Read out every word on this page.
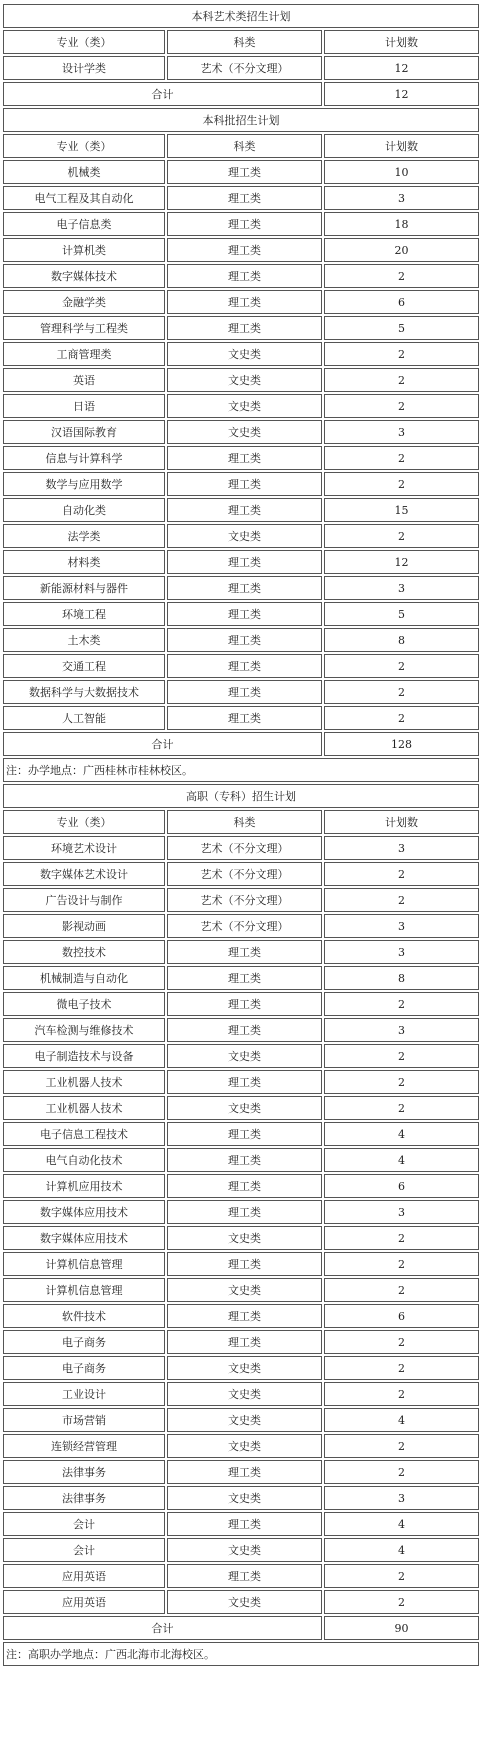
本科艺术类招生计划		
专业（类）	科类	计划数
设计学类	艺术（不分文理）	12
合计		12
本科批招生计划		
专业（类）	科类	计划数
机械类	理工类	10
电气工程及其自动化	理工类	3
电子信息类	理工类	18
计算机类	理工类	20
数字媒体技术	理工类	2
金融学类	理工类	6
管理科学与工程类	理工类	5
工商管理类	文史类	2
英语	文史类	2
日语	文史类	2
汉语国际教育	文史类	3
信息与计算科学	理工类	2
数学与应用数学	理工类	2
自动化类	理工类	15
法学类	文史类	2
材料类	理工类	12
新能源材料与器件	理工类	3
环境工程	理工类	5
土木类	理工类	8
交通工程	理工类	2
数据科学与大数据技术	理工类	2
人工智能	理工类	2
合计		128
注：办学地点：广西桂林市桂林校区。		
高职（专科）招生计划		
专业（类）	科类	计划数
环境艺术设计	艺术（不分文理）	3
数字媒体艺术设计	艺术（不分文理）	2
广告设计与制作	艺术（不分文理）	2
影视动画	艺术（不分文理）	3
数控技术	理工类	3
机械制造与自动化	理工类	8
微电子技术	理工类	2
汽车检测与维修技术	理工类	3
电子制造技术与设备	文史类	2
工业机器人技术	理工类	2
工业机器人技术	文史类	2
电子信息工程技术	理工类	4
电气自动化技术	理工类	4
计算机应用技术	理工类	6
数字媒体应用技术	理工类	3
数字媒体应用技术	文史类	2
计算机信息管理	理工类	2
计算机信息管理	文史类	2
软件技术	理工类	6
电子商务	理工类	2
电子商务	文史类	2
工业设计	文史类	2
市场营销	文史类	4
连锁经营管理	文史类	2
法律事务	理工类	2
法律事务	文史类	3
会计	理工类	4
会计	文史类	4
应用英语	理工类	2
应用英语	文史类	2
合计		90
注：高职办学地点：广西北海市北海校区。		
